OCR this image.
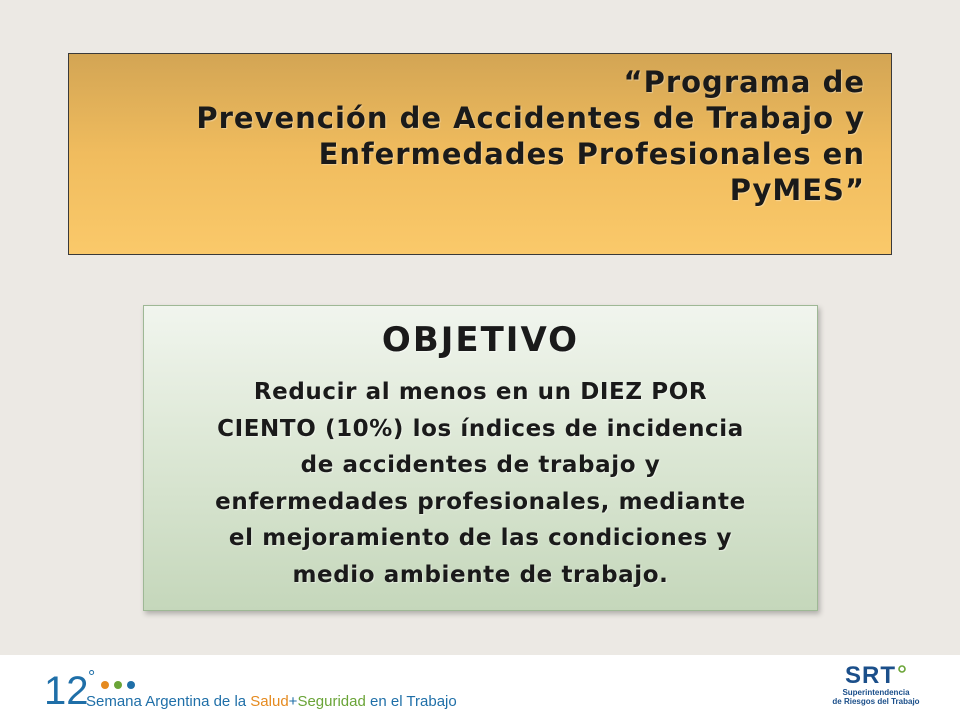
“Programa de
Prevención de Accidentes de Trabajo y
Enfermedades Profesionales en
PyMES”
OBJETIVO
Reducir al menos en un DIEZ POR
CIENTO (10%) los índices de incidencia
de accidentes de trabajo y
enfermedades profesionales, mediante
el mejoramiento de las condiciones y
medio ambiente de trabajo.
12 °
Semana Argentina de la Salud+Seguridad en el Trabajo
SRT
Superintendencia
de Riesgos del Trabajo
